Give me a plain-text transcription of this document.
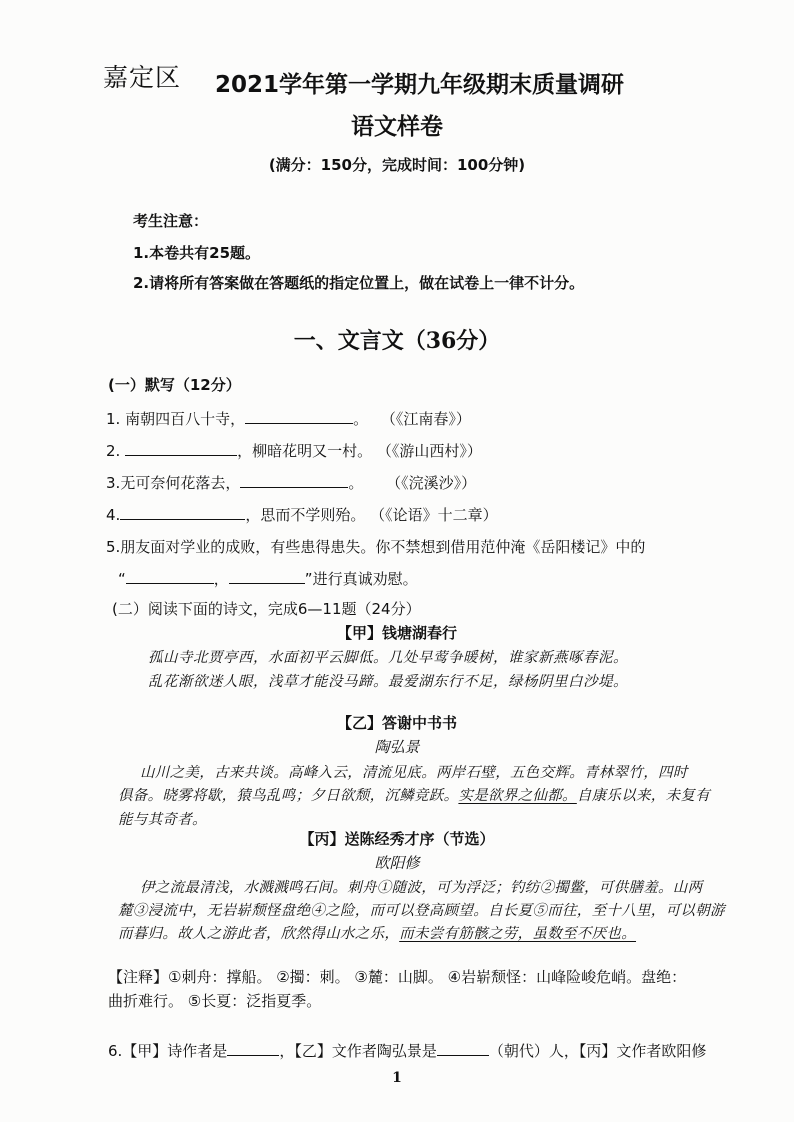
嘉定区 2021学年第一学期九年级期末质量调研
语文样卷
(满分：150分，完成时间：100分钟)
考生注意：
1.本卷共有25题。
2.请将所有答案做在答题纸的指定位置上，做在试卷上一律不计分。
一、文言文（36分）
(一）默写（12分）
1. 南朝四百八十寺，	。 （《江南春》）
2.	，柳暗花明又一村。 （《游山西村》）
3.无可奈何花落去，	。 （《浣溪沙》）
4.	，思而不学则殆。 （《论语》十二章）
5.朋友面对学业的成败，有些患得患失。你不禁想到借用范仲淹《岳阳楼记》中的
“	，	”进行真诚劝慰。
(二）阅读下面的诗文，完成6—11题（24分）
【甲】钱塘湖春行
孤山寺北贾亭西，水面初平云脚低。几处早莺争暖树，谁家新燕啄春泥。
乱花渐欲迷人眼，浅草才能没马蹄。最爱湖东行不足，绿杨阴里白沙堤。
【乙】答谢中书书
陶弘景
山川之美，古来共谈。高峰入云，清流见底。两岸石壁，五色交辉。青林翠竹，四时
俱备。晓雾将歇，猿鸟乱鸣；夕日欲颓，沉鳞竞跃。实是欲界之仙都。自康乐以来，未复有
能与其奇者。
【丙】送陈经秀才序（节选）
欧阳修
伊之流最清浅，水溅溅鸣石间。刺舟①随波，可为浮泛；钓纺②擉鳖，可供膳羞。山两
麓③浸流中，无岩崭颓怪盘绝④之险，而可以登高顾望。自长夏⑤而往，至十八里，可以朝游
而暮归。故人之游此者，欣然得山水之乐，而未尝有筋骸之劳，虽数至不厌也。
【注释】①刺舟：撑船。 ②擉：刺。 ③麓：山脚。 ④岩崭颓怪：山峰险峻危峭。盘绝：
曲折难行。 ⑤长夏：泛指夏季。
6.【甲】诗作者是	，【乙】文作者陶弘景是	（朝代）人，【丙】文作者欧阳修
1
